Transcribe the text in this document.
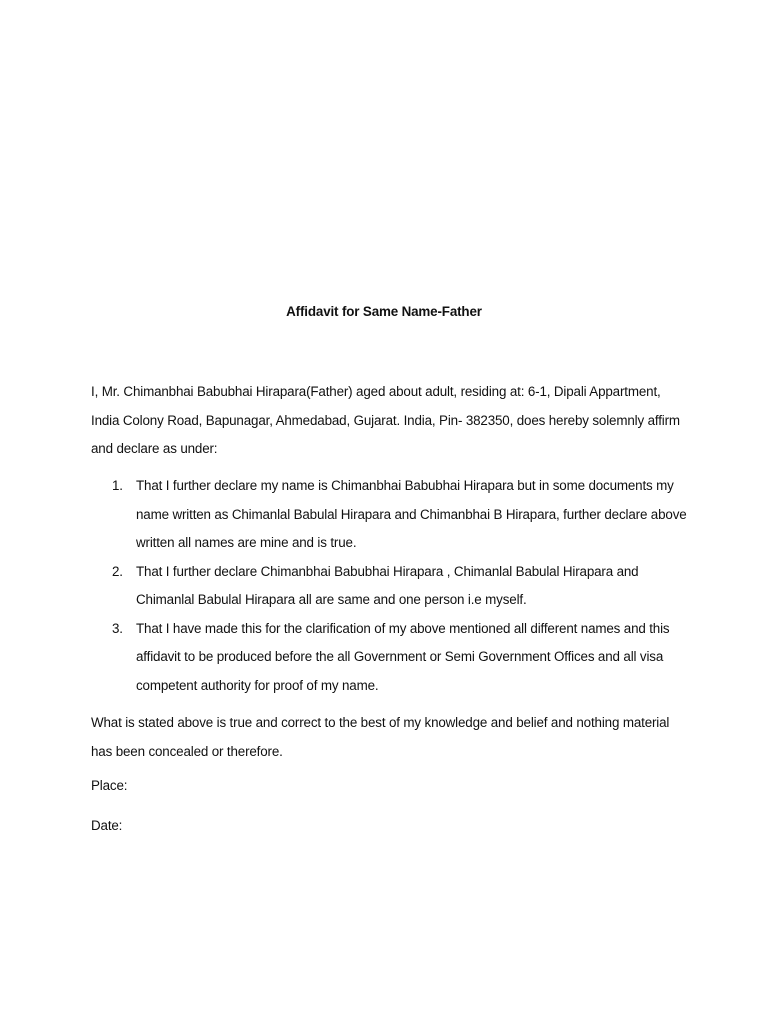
Affidavit for Same Name-Father

I, Mr. Chimanbhai Babubhai Hirapara(Father) aged about adult, residing at: 6-1, Dipali Appartment, India Colony Road, Bapunagar, Ahmedabad, Gujarat. India, Pin- 382350, does hereby solemnly affirm and declare as under:

1. That I further declare my name is Chimanbhai Babubhai Hirapara but in some documents my name written as Chimanlal Babulal Hirapara and Chimanbhai B Hirapara, further declare above written all names are mine and is true.
2. That I further declare Chimanbhai Babubhai Hirapara , Chimanlal Babulal Hirapara and Chimanlal Babulal Hirapara all are same and one person i.e myself.
3. That I have made this for the clarification of my above mentioned all different names and this affidavit to be produced before the all Government or Semi Government Offices and all visa competent authority for proof of my name.

What is stated above is true and correct to the best of my knowledge and belief and nothing material has been concealed or therefore.

Place:

Date:
